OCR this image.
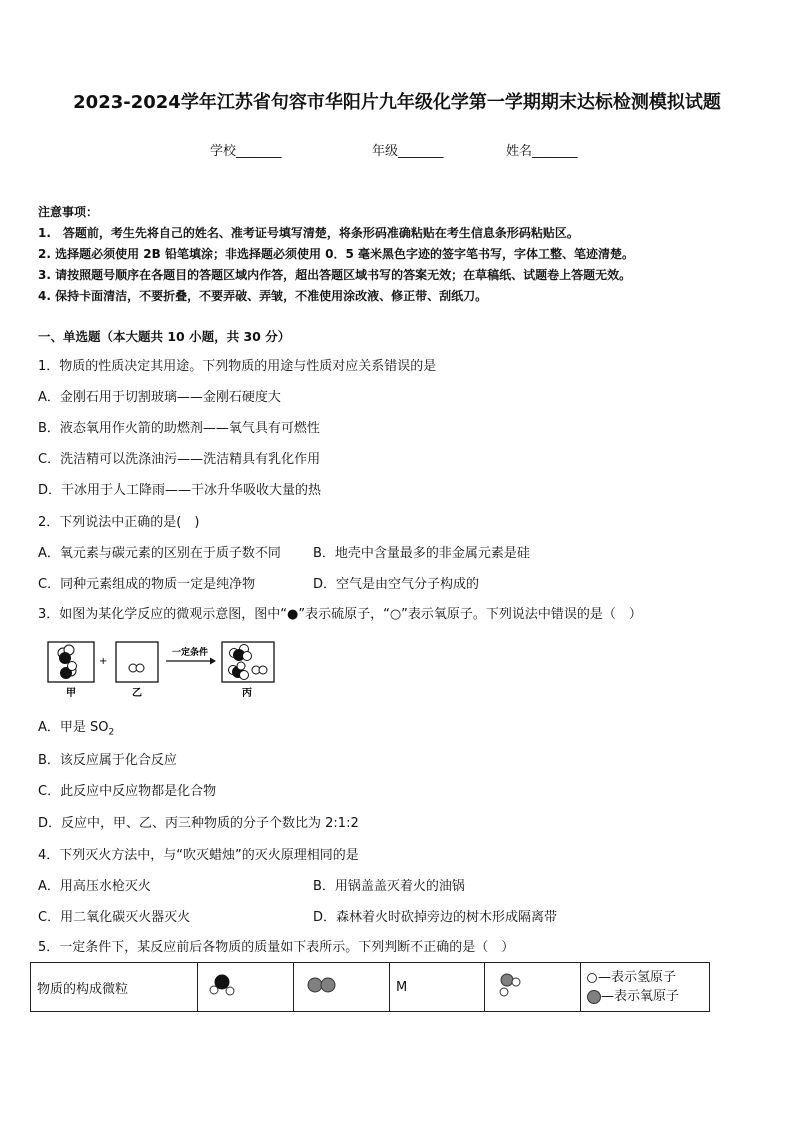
2023-2024学年江苏省句容市华阳片九年级化学第一学期期末达标检测模拟试题
学校_______	年级_______	姓名_______
注意事项：
1.　答题前，考生先将自己的姓名、准考证号填写清楚，将条形码准确粘贴在考生信息条形码粘贴区。
2. 选择题必须使用 2B 铅笔填涂；非选择题必须使用 0．5 毫米黑色字迹的签字笔书写，字体工整、笔迹清楚。
3. 请按照题号顺序在各题目的答题区域内作答，超出答题区域书写的答案无效；在草稿纸、试题卷上答题无效。
4. 保持卡面清洁，不要折叠，不要弄破、弄皱，不准使用涂改液、修正带、刮纸刀。
一、单选题（本大题共 10 小题，共 30 分）
1．物质的性质决定其用途。下列物质的用途与性质对应关系错误的是
A．金刚石用于切割玻璃——金刚石硬度大
B．液态氧用作火箭的助燃剂——氧气具有可燃性
C．洗洁精可以洗涤油污——洗洁精具有乳化作用
D．干冰用于人工降雨——干冰升华吸收大量的热
2．下列说法中正确的是(　)
A．氧元素与碳元素的区别在于质子数不同 B．地壳中含量最多的非金属元素是硅
C．同种元素组成的物质一定是纯净物	D．空气是由空气分子构成的
3．如图为某化学反应的微观示意图，图中“●”表示硫原子，“○”表示氧原子。下列说法中错误的是（　）
+
一定条件
甲	乙	丙
A．甲是 $SO_2$
B．该反应属于化合反应
C．此反应中反应物都是化合物
D．反应中，甲、乙、丙三种物质的分子个数比为 2:1:2
4．下列灭火方法中，与“吹灭蜡烛”的灭火原理相同的是
A．用高压水枪灭火	B．用锅盖盖灭着火的油锅
C．用二氧化碳灭火器灭火	D．森林着火时砍掉旁边的树木形成隔离带
5．一定条件下，某反应前后各物质的质量如下表所示。下列判断不正确的是（　）
物质的构成微粒			M		
— 表示氢原子
— 表示氧原子
